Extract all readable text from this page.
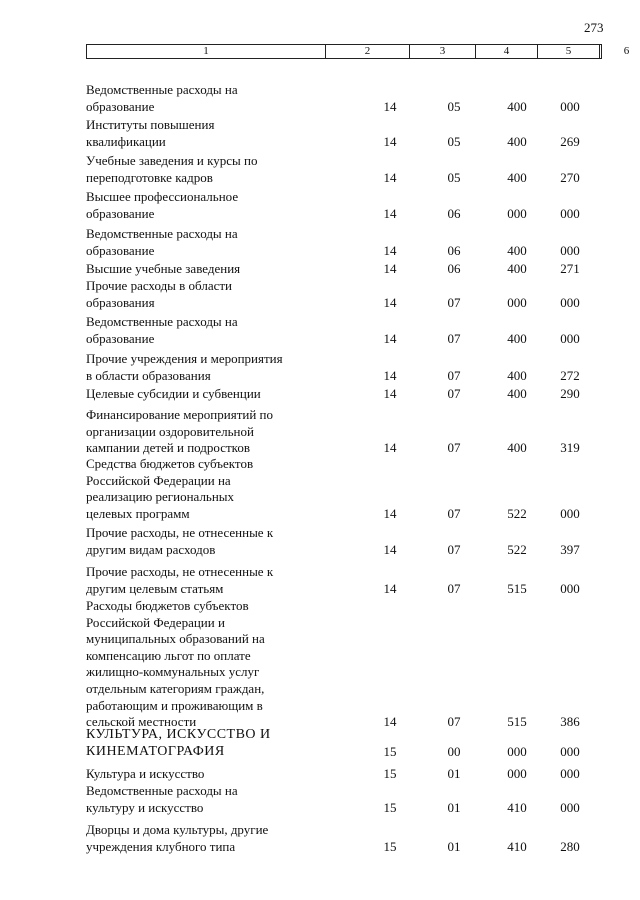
273
1	2	3	4	5	6
Ведомственные расходы на
образование	14	05	400	000
Институты повышения
квалификации	14	05	400	269
Учебные заведения и курсы по
переподготовке кадров	14	05	400	270
Высшее профессиональное
образование	14	06	000	000
Ведомственные расходы на
образование	14	06	400	000
Высшие учебные заведения	14	06	400	271
Прочие расходы в области
образования	14	07	000	000
Ведомственные расходы на
образование	14	07	400	000
Прочие учреждения и мероприятия
в области образования	14	07	400	272
Целевые субсидии и субвенции	14	07	400	290
Финансирование мероприятий по
организации оздоровительной
кампании детей и подростков	14	07	400	319
Средства бюджетов субъектов
Российской Федерации на
реализацию региональных
целевых программ	14	07	522	000
Прочие расходы, не отнесенные к
другим видам расходов	14	07	522	397
Прочие расходы, не отнесенные к
другим целевым статьям	14	07	515	000
Расходы бюджетов субъектов
Российской Федерации и
муниципальных образований на
компенсацию льгот по оплате
жилищно-коммунальных услуг
отдельным категориям граждан,
работающим и проживающим в
сельской местности	14	07	515	386
КУЛЬТУРА, ИСКУССТВО И
КИНЕМАТОГРАФИЯ	15	00	000	000
Культура и искусство	15	01	000	000
Ведомственные расходы на
культуру и искусство	15	01	410	000
Дворцы и дома культуры, другие
учреждения клубного типа	15	01	410	280
